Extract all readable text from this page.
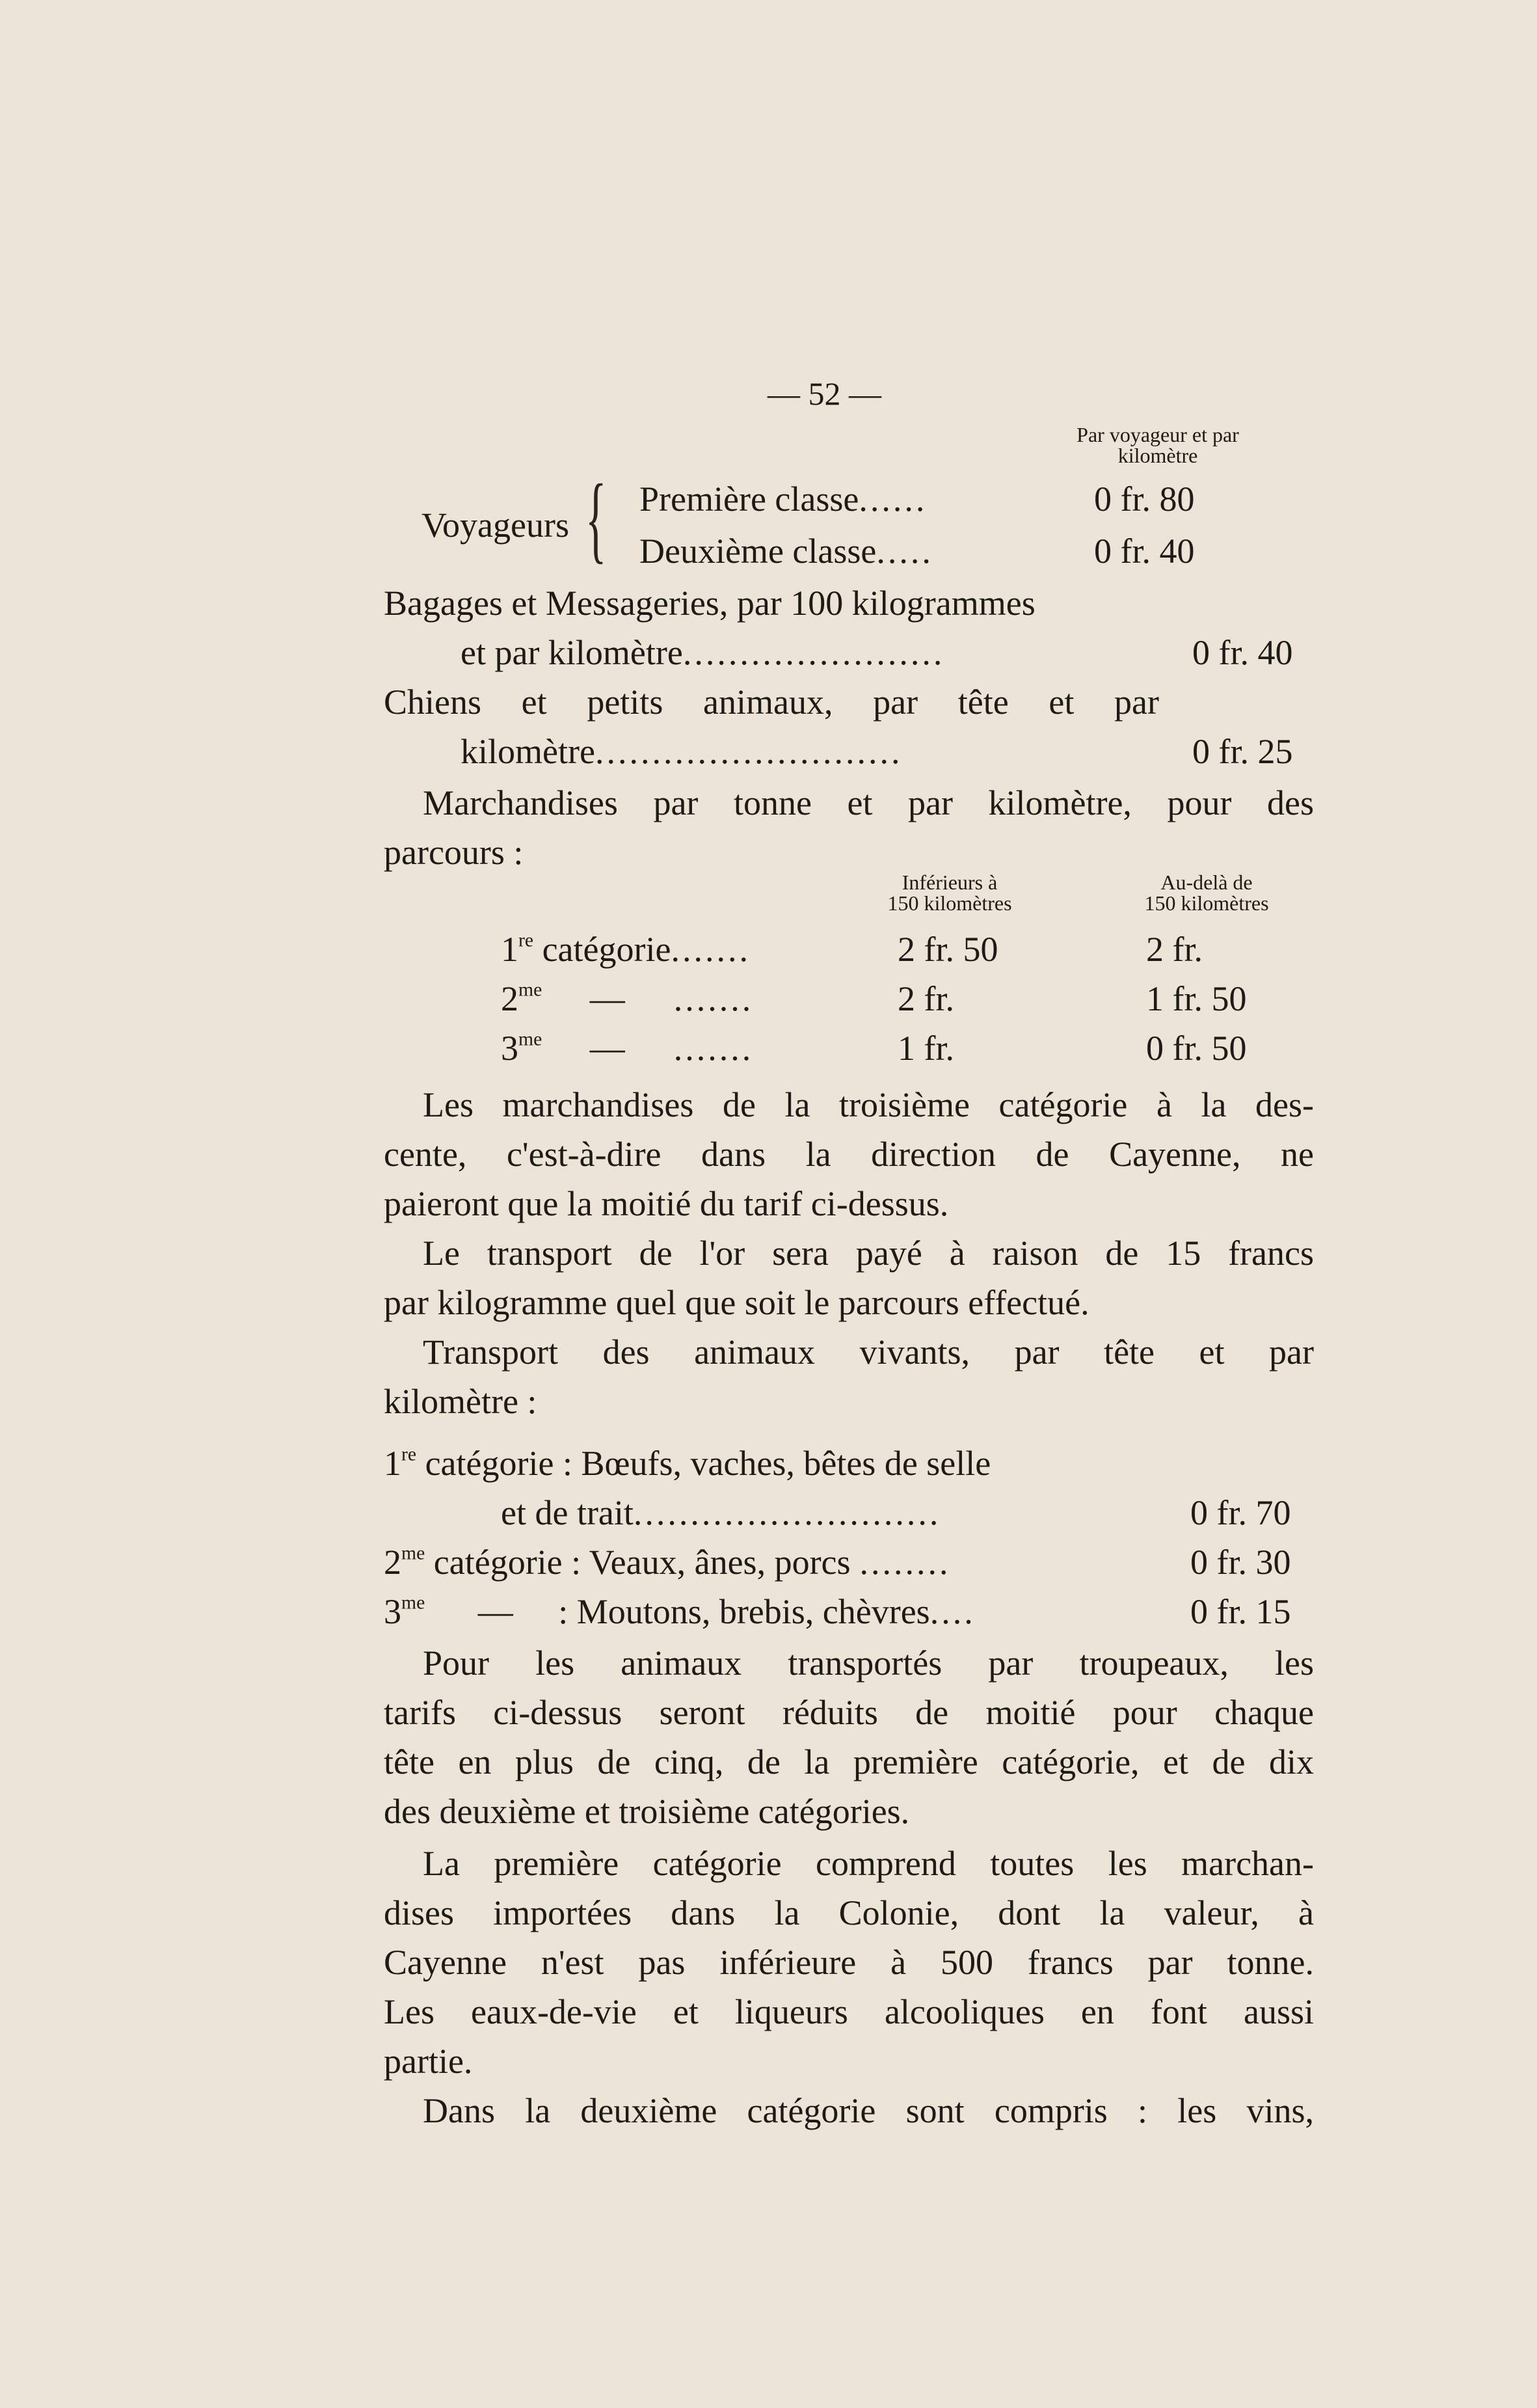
— 52 —
Par voyageur et par
kilomètre
Voyageurs { Première classe......	0 fr. 80
Deuxième classe.....	0 fr. 40
Bagages et Messageries, par 100 kilogrammes
et par kilomètre.......................	0 fr. 40
Chiens et petits animaux, par tête et par
kilomètre...........................	0 fr. 25
Marchandises par tonne et par kilomètre, pour des
parcours :
Inférieurs à
150 kilomètres
Au-delà de
150 kilomètres
1re catégorie.......	2 fr. 50	2 fr.
$2^{me}$ — .......	2 fr.	1 fr. 50
$3^{me}$ — .......	1 fr.	0 fr. 50
Les marchandises de la troisième catégorie à la des-
cente, c'est-à-dire dans la direction de Cayenne, ne
paieront que la moitié du tarif ci-dessus.
Le transport de l'or sera payé à raison de 15 francs
par kilogramme quel que soit le parcours effectué.
Transport des animaux vivants, par tête et par
kilomètre :
1re catégorie : Bœufs, vaches, bêtes de selle
et de trait...........................	0 fr. 70
$2^{me}$ catégorie : Veaux, ânes, porcs ........	0 fr. 30
$3^{me}$ — : Moutons, brebis, chèvres....	0 fr. 15
Pour les animaux transportés par troupeaux, les
tarifs ci-dessus seront réduits de moitié pour chaque
tête en plus de cinq, de la première catégorie, et de dix
des deuxième et troisième catégories.
La première catégorie comprend toutes les marchan-
dises importées dans la Colonie, dont la valeur, à
Cayenne n'est pas inférieure à 500 francs par tonne.
Les eaux-de-vie et liqueurs alcooliques en font aussi
partie.
Dans la deuxième catégorie sont compris : les vins,
